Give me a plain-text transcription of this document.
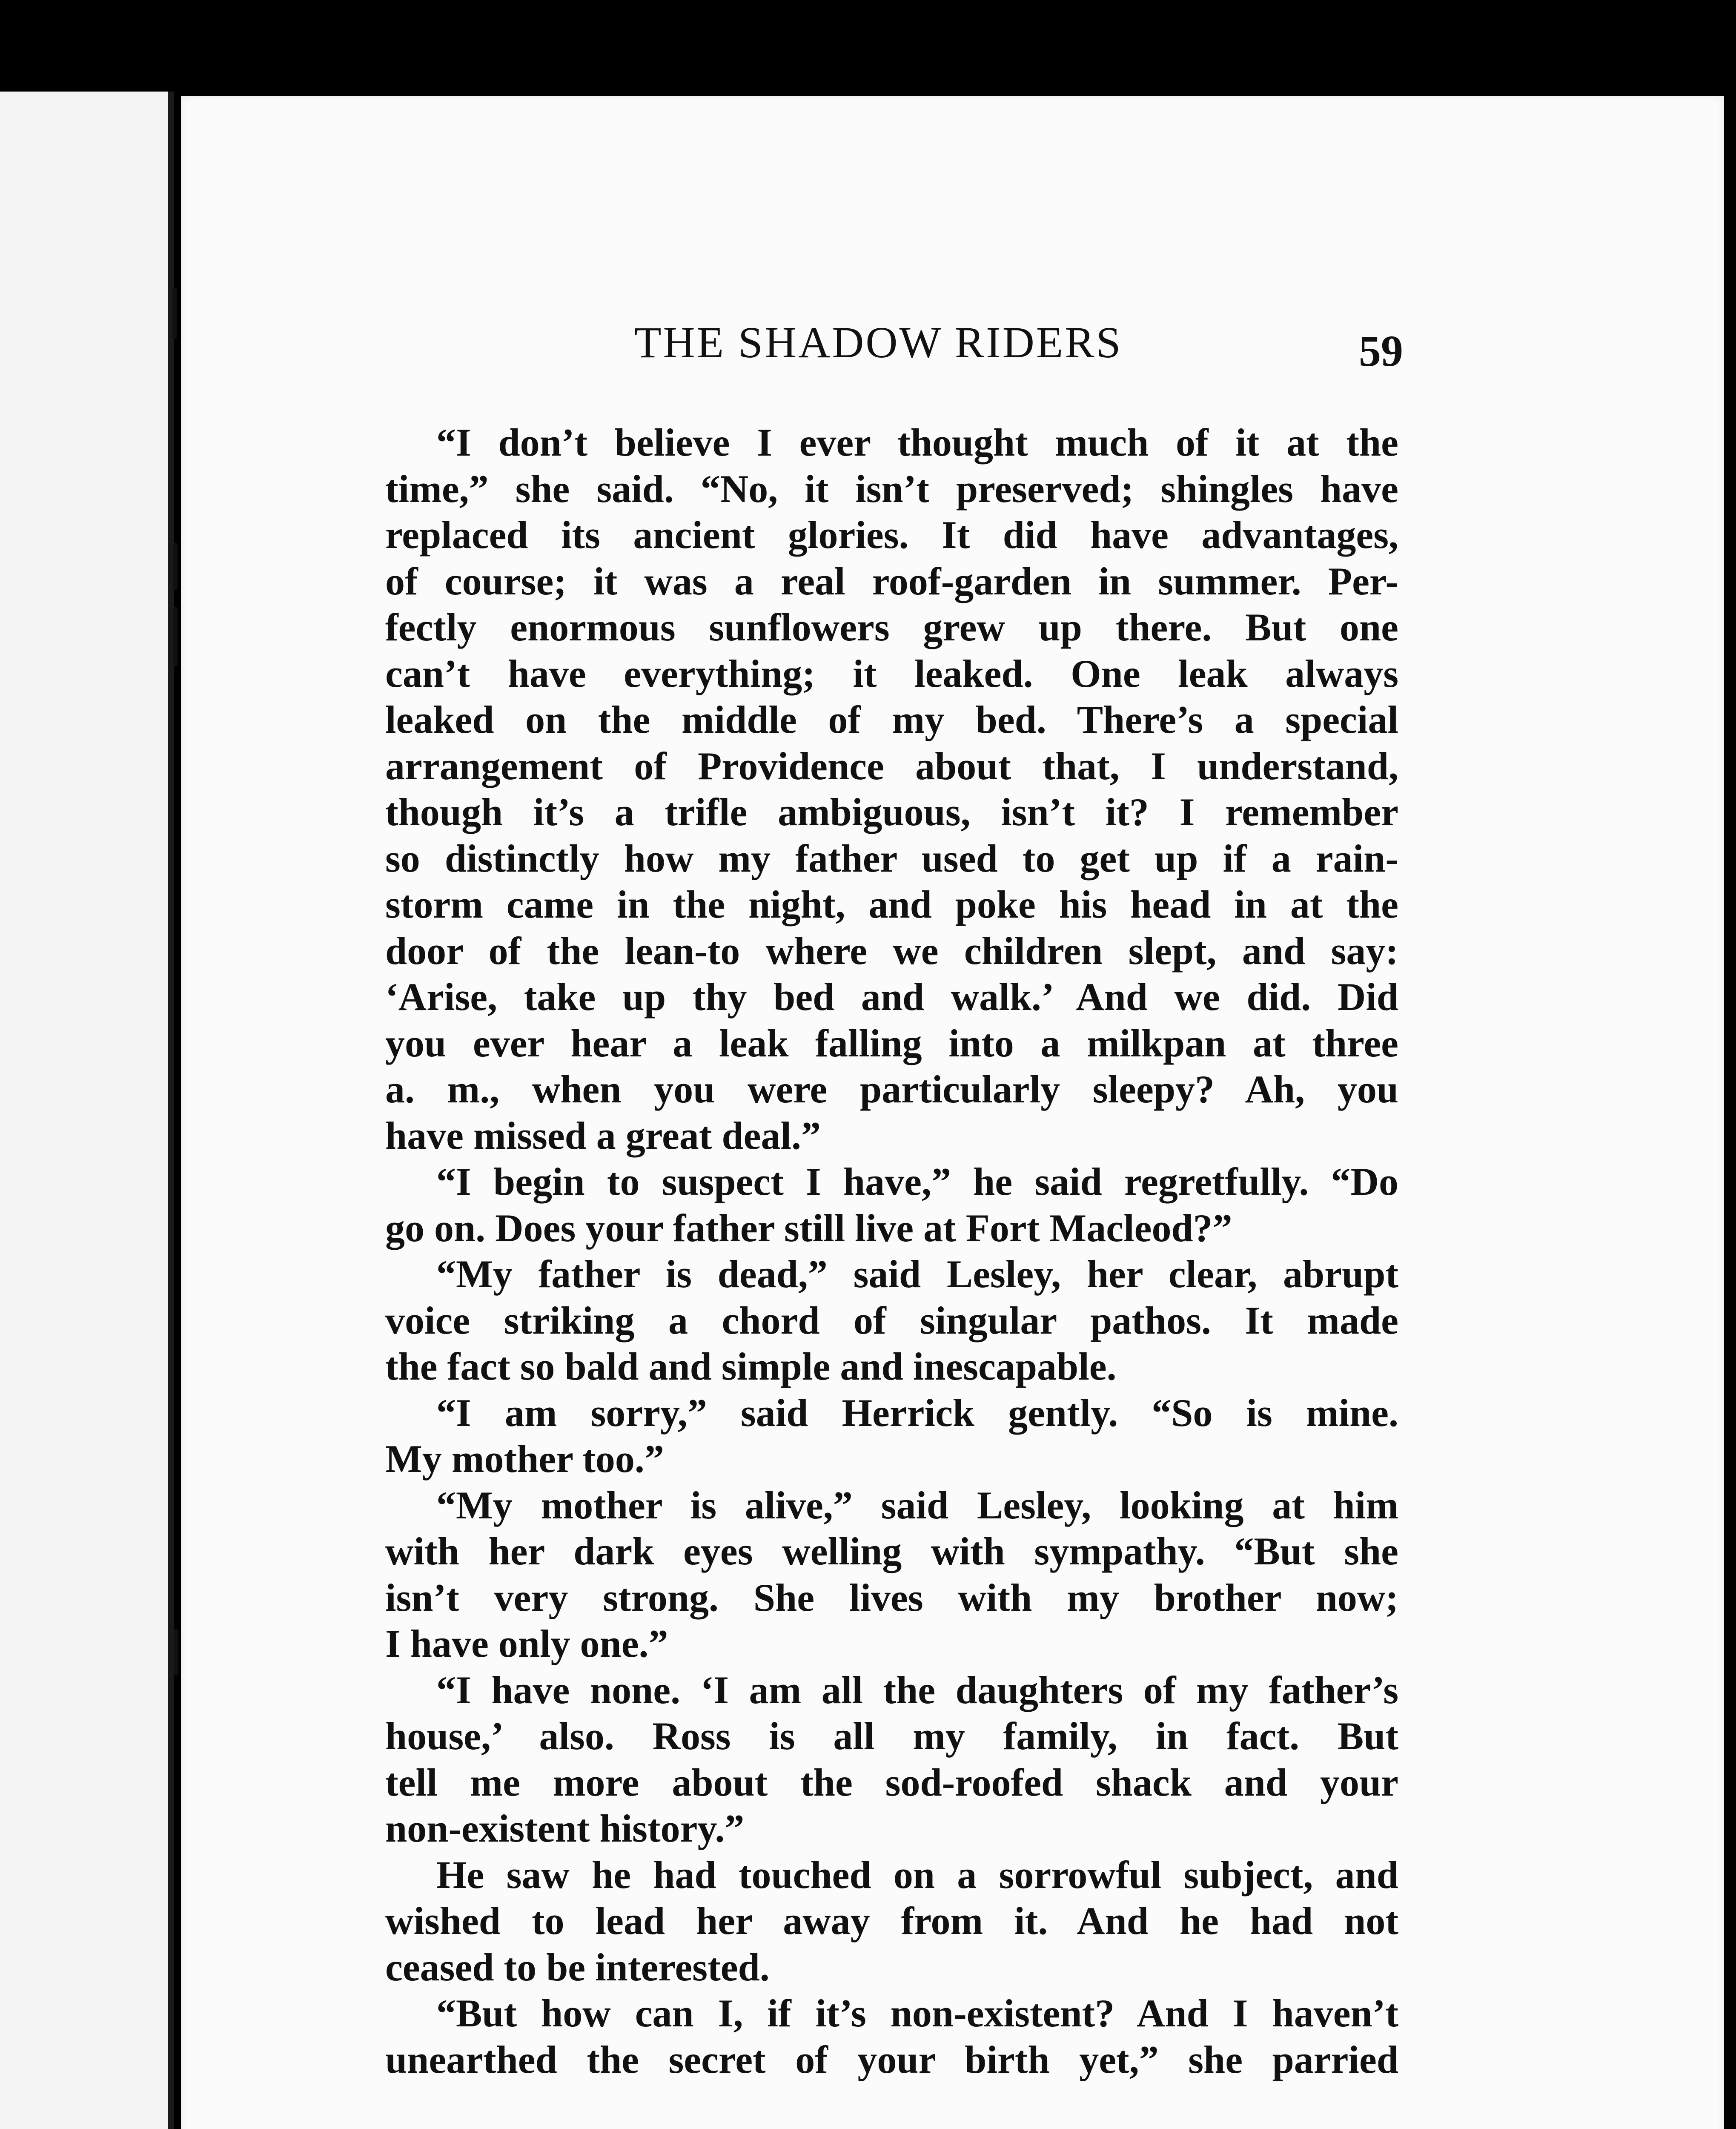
THE SHADOW RIDERS	59
“I don’t believe I ever thought much of it at the
time,” she said. “No, it isn’t preserved; shingles have
replaced its ancient glories. It did have advantages,
of course; it was a real roof-garden in summer. Per-
fectly enormous sunflowers grew up there. But one
can’t have everything; it leaked. One leak always
leaked on the middle of my bed. There’s a special
arrangement of Providence about that, I understand,
though it’s a trifle ambiguous, isn’t it? I remember
so distinctly how my father used to get up if a rain-
storm came in the night, and poke his head in at the
door of the lean-to where we children slept, and say:
‘Arise, take up thy bed and walk.’ And we did. Did
you ever hear a leak falling into a milkpan at three
a. m., when you were particularly sleepy? Ah, you
have missed a great deal.”
“I begin to suspect I have,” he said regretfully. “Do
go on. Does your father still live at Fort Macleod?”
“My father is dead,” said Lesley, her clear, abrupt
voice striking a chord of singular pathos. It made
the fact so bald and simple and inescapable.
“I am sorry,” said Herrick gently. “So is mine.
My mother too.”
“My mother is alive,” said Lesley, looking at him
with her dark eyes welling with sympathy. “But she
isn’t very strong. She lives with my brother now;
I have only one.”
“I have none. ‘I am all the daughters of my father’s
house,’ also. Ross is all my family, in fact. But
tell me more about the sod-roofed shack and your
non-existent history.”
He saw he had touched on a sorrowful subject, and
wished to lead her away from it. And he had not
ceased to be interested.
“But how can I, if it’s non-existent? And I haven’t
unearthed the secret of your birth yet,” she parried
